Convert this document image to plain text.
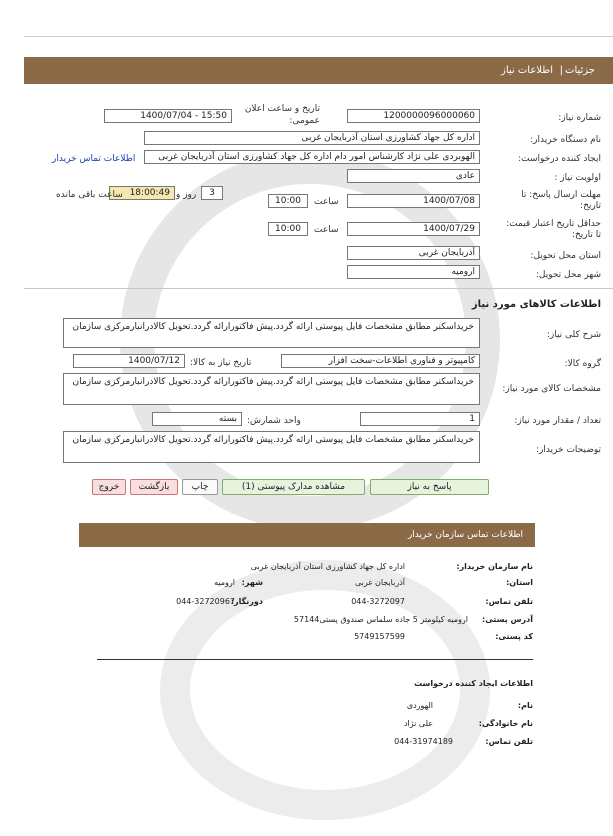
جزئیات
|
اطلاعات نیاز
شماره نیاز:
1200000096000060
تاریخ و ساعت اعلان عمومی:
1400/07/04 - 15:50
نام دستگاه خریدار:
اداره کل جهاد کشاورزی استان آذربایجان غربی
ایجاد کننده درخواست:
الهوبردی علی نژاد کارشناس امور دام اداره کل جهاد کشاورزی استان آذربایجان غربی
اطلاعات تماس خریدار
اولویت نیاز :
عادی
مهلت ارسال پاسخ: تا تاریخ:
1400/07/08
ساعت
10:00
3
روز و
18:00:49
ساعت باقی مانده
حداقل تاریخ اعتبار قیمت: تا تاریخ:
1400/07/29
ساعت
10:00
استان محل تحویل:
آذربایجان غربی
شهر محل تحویل:
ارومیه
اطلاعات کالاهای مورد نیاز
شرح کلی نیاز:
خریداسکنر مطابق مشخصات فایل پیوستی ارائه گردد.پیش فاکتورارائه گردد.تحویل کالادرانبارمرکزی سازمان
گروه کالا:
کامپیوتر و فناوری اطلاعات-سخت افزار
تاریخ نیاز به کالا:
1400/07/12
مشخصات کالای مورد نیاز:
خریداسکنر مطابق مشخصات فایل پیوستی ارائه گردد.پیش فاکتورارائه گردد.تحویل کالادرانبارمرکزی سازمان
تعداد / مقدار مورد نیاز:
1
واحد شمارش:
بسته
توضیحات خریدار:
خریداسکنر مطابق مشخصات فایل پیوستی ارائه گردد.پیش فاکتورارائه گردد.تحویل کالادرانبارمرکزی سازمان
پاسخ به نیاز
مشاهده مدارک پیوستی (1)
چاپ
بازگشت
خروج
اطلاعات تماس سازمان خریدار
نام سازمان خریدار:
اداره کل جهاد کشاورزی استان آذربایجان غربی
استان:
آذربایجان غربی
شهر:
ارومیه
تلفن تماس:
044-3272097
دورنگار:
044-32720967
آدرس پستی:
ارومیه کیلومتر 5 جاده سلماس صندوق پستی57144
کد پستی:
5749157599
اطلاعات ایجاد کننده درخواست
نام:
الهوردی
نام خانوادگی:
علی نژاد
تلفن تماس:
044-31974189
